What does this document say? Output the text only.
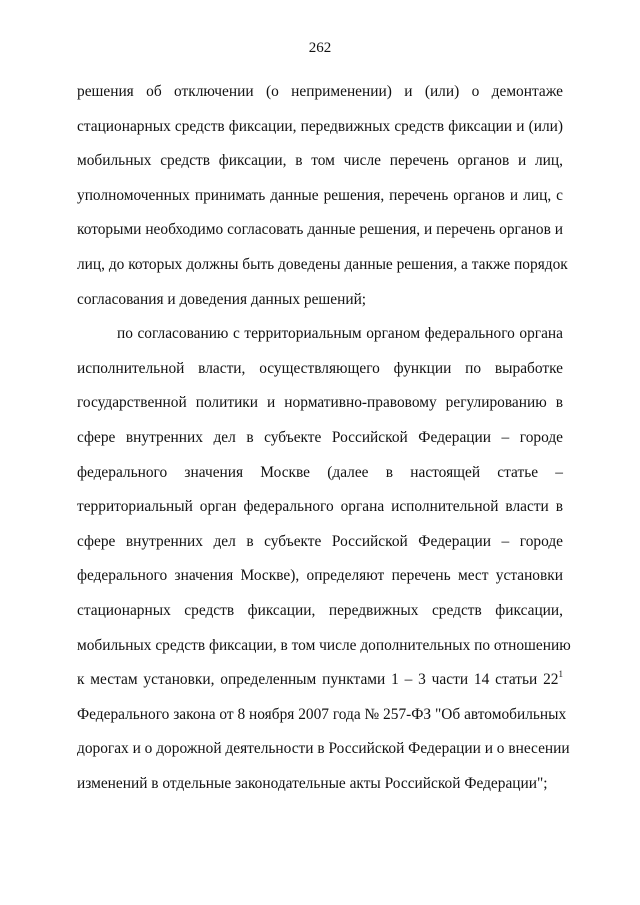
262

решения об отключении (о неприменении) и (или) о демонтаже
стационарных средств фиксации, передвижных средств фиксации и (или)
мобильных средств фиксации, в том числе перечень органов и лиц,
уполномоченных принимать данные решения, перечень органов и лиц, с
которыми необходимо согласовать данные решения, и перечень органов и
лиц, до которых должны быть доведены данные решения, а также порядок
согласования и доведения данных решений;

по согласованию с территориальным органом федерального органа
исполнительной власти, осуществляющего функции по выработке
государственной политики и нормативно-правовому регулированию в
сфере внутренних дел в субъекте Российской Федерации – городе
федерального значения Москве (далее в настоящей статье –
территориальный орган федерального органа исполнительной власти в
сфере внутренних дел в субъекте Российской Федерации – городе
федерального значения Москве), определяют перечень мест установки
стационарных средств фиксации, передвижных средств фиксации,
мобильных средств фиксации, в том числе дополнительных по отношению
к местам установки, определенным пунктами 1 – 3 части 14 статьи $22^1$
Федерального закона от 8 ноября 2007 года № 257-ФЗ "Об автомобильных
дорогах и о дорожной деятельности в Российской Федерации и о внесении
изменений в отдельные законодательные акты Российской Федерации";
